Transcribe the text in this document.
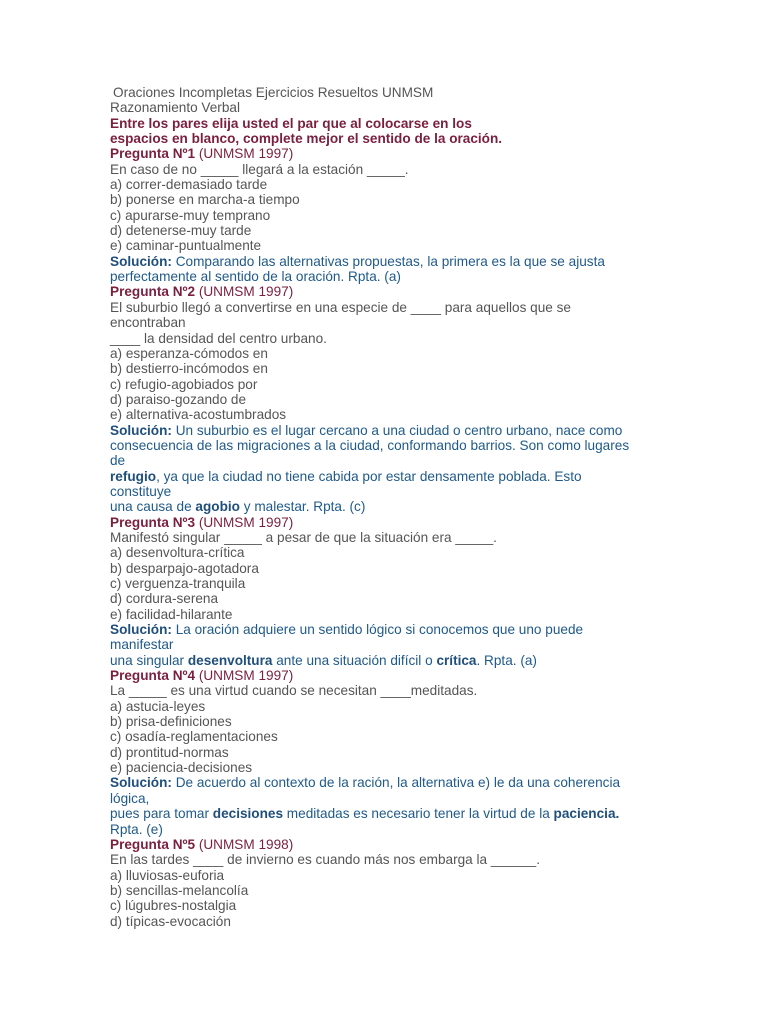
Oraciones Incompletas Ejercicios Resueltos UNMSM
Razonamiento Verbal
Entre los pares elija usted el par que al colocarse en los
espacios en blanco, complete mejor el sentido de la oración.
Pregunta Nº1 (UNMSM 1997)
En caso de no _____ llegará a la estación _____.
a) correr-demasiado tarde
b) ponerse en marcha-a tiempo
c) apurarse-muy temprano
d) detenerse-muy tarde
e) caminar-puntualmente
Solución: Comparando las alternativas propuestas, la primera es la que se ajusta
perfectamente al sentido de la oración. Rpta. (a)
Pregunta Nº2 (UNMSM 1997)
El suburbio llegó a convertirse en una especie de ____ para aquellos que se
encontraban
____ la densidad del centro urbano.
a) esperanza-cómodos en
b) destierro-incómodos en
c) refugio-agobiados por
d) paraiso-gozando de
e) alternativa-acostumbrados
Solución: Un suburbio es el lugar cercano a una ciudad o centro urbano, nace como
consecuencia de las migraciones a la ciudad, conformando barrios. Son como lugares
de
refugio, ya que la ciudad no tiene cabida por estar densamente poblada. Esto
constituye
una causa de agobio y malestar. Rpta. (c)
Pregunta Nº3 (UNMSM 1997)
Manifestó singular _____ a pesar de que la situación era _____.
a) desenvoltura-crítica
b) desparpajo-agotadora
c) verguenza-tranquila
d) cordura-serena
e) facilidad-hilarante
Solución: La oración adquiere un sentido lógico si conocemos que uno puede
manifestar
una singular desenvoltura ante una situación difícil o crítica. Rpta. (a)
Pregunta Nº4 (UNMSM 1997)
La _____ es una virtud cuando se necesitan ____meditadas.
a) astucia-leyes
b) prisa-definiciones
c) osadía-reglamentaciones
d) prontitud-normas
e) paciencia-decisiones
Solución: De acuerdo al contexto de la ración, la alternativa e) le da una coherencia
lógica,
pues para tomar decisiones meditadas es necesario tener la virtud de la paciencia.
Rpta. (e)
Pregunta Nº5 (UNMSM 1998)
En las tardes ____ de invierno es cuando más nos embarga la ______.
a) lluviosas-euforia
b) sencillas-melancolía
c) lúgubres-nostalgia
d) típicas-evocación
